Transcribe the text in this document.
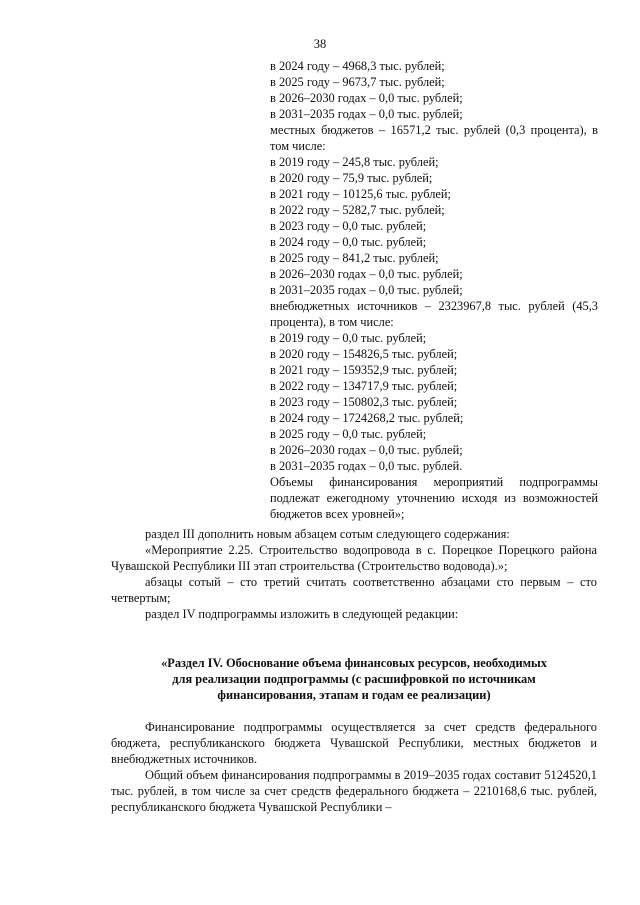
38

в 2024 году – 4968,3 тыс. рублей;

в 2025 году – 9673,7 тыс. рублей;

в 2026–2030 годах – 0,0 тыс. рублей;

в 2031–2035 годах – 0,0 тыс. рублей;

местных бюджетов – 16571,2 тыс. рублей (0,3 процента), в том числе:

в 2019 году – 245,8 тыс. рублей;

в 2020 году – 75,9 тыс. рублей;

в 2021 году – 10125,6 тыс. рублей;

в 2022 году – 5282,7 тыс. рублей;

в 2023 году – 0,0 тыс. рублей;

в 2024 году – 0,0 тыс. рублей;

в 2025 году – 841,2 тыс. рублей;

в 2026–2030 годах – 0,0 тыс. рублей;

в 2031–2035 годах – 0,0 тыс. рублей;

внебюджетных источников – 2323967,8 тыс. рублей (45,3 процента), в том числе:

в 2019 году – 0,0 тыс. рублей;

в 2020 году – 154826,5 тыс. рублей;

в 2021 году – 159352,9 тыс. рублей;

в 2022 году – 134717,9 тыс. рублей;

в 2023 году – 150802,3 тыс. рублей;

в 2024 году – 1724268,2 тыс. рублей;

в 2025 году – 0,0 тыс. рублей;

в 2026–2030 годах – 0,0 тыс. рублей;

в 2031–2035 годах – 0,0 тыс. рублей.

Объемы финансирования мероприятий подпрограммы подлежат ежегодному уточнению исходя из возможностей бюджетов всех уровней»;

раздел III дополнить новым абзацем сотым следующего содержания:

«Мероприятие 2.25. Строительство водопровода в с. Порецкое Порецкого района Чувашской Республики III этап строительства (Строительство водовода).»;

абзацы сотый – сто третий считать соответственно абзацами сто первым – сто четвертым;

раздел IV подпрограммы изложить в следующей редакции:

«Раздел IV. Обоснование объема финансовых ресурсов, необходимых

для реализации подпрограммы (с расшифровкой по источникам

финансирования, этапам и годам ее реализации)

Финансирование подпрограммы осуществляется за счет средств федерального бюджета, республиканского бюджета Чувашской Республики, местных бюджетов и внебюджетных источников.

Общий объем финансирования подпрограммы в 2019–2035 годах составит 5124520,1 тыс. рублей, в том числе за счет средств федерального бюджета – 2210168,6 тыс. рублей, республиканского бюджета Чувашской Республики –
